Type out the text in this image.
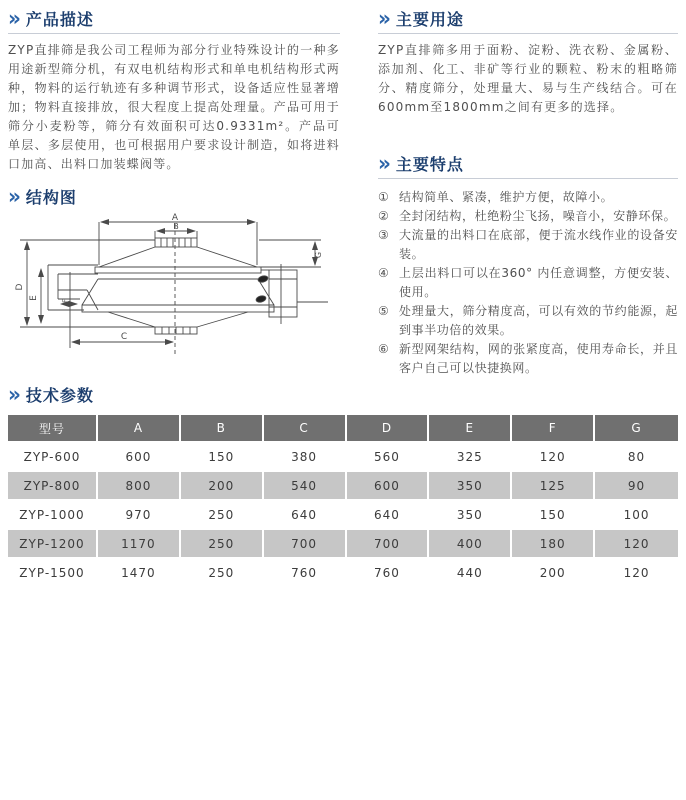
» 产品描述

ZYP直排筛是我公司工程师为部分行业特殊设计的一种多用途新型筛分机，有双电机结构形式和单电机结构形式两种，物料的运行轨迹有多种调节形式，设备适应性显著增加；物料直接排放，很大程度上提高处理量。产品可用于筛分小麦粉等，筛分有效面积可达0.9331m²。产品可单层、多层使用，也可根据用户要求设计制造，如将进料口加高、出料口加装蝶阀等。

» 结构图
A
B
C
D
E
F
G
» 主要用途

ZYP直排筛多用于面粉、淀粉、洗衣粉、金属粉、添加剂、化工、非矿等行业的颗粒、粉末的粗略筛分、精度筛分，处理量大、易与生产线结合。可在600mm至1800mm之间有更多的选择。

» 主要特点
① 结构简单、紧凑，维护方便，故障小。
② 全封闭结构，杜绝粉尘飞扬，噪音小，安静环保。
③ 大流量的出料口在底部，便于流水线作业的设备安装。
④ 上层出料口可以在360° 内任意调整，方便安装、使用。
⑤ 处理量大，筛分精度高，可以有效的节约能源，起到事半功倍的效果。
⑥ 新型网架结构，网的张紧度高，使用寿命长，并且客户自己可以快捷换网。
» 技术参数
型号	A	B	C	D	E	F	G
ZYP-600	600	150	380	560	325	120	80
ZYP-800	800	200	540	600	350	125	90
ZYP-1000	970	250	640	640	350	150	100
ZYP-1200	1170	250	700	700	400	180	120
ZYP-1500	1470	250	760	760	440	200	120
